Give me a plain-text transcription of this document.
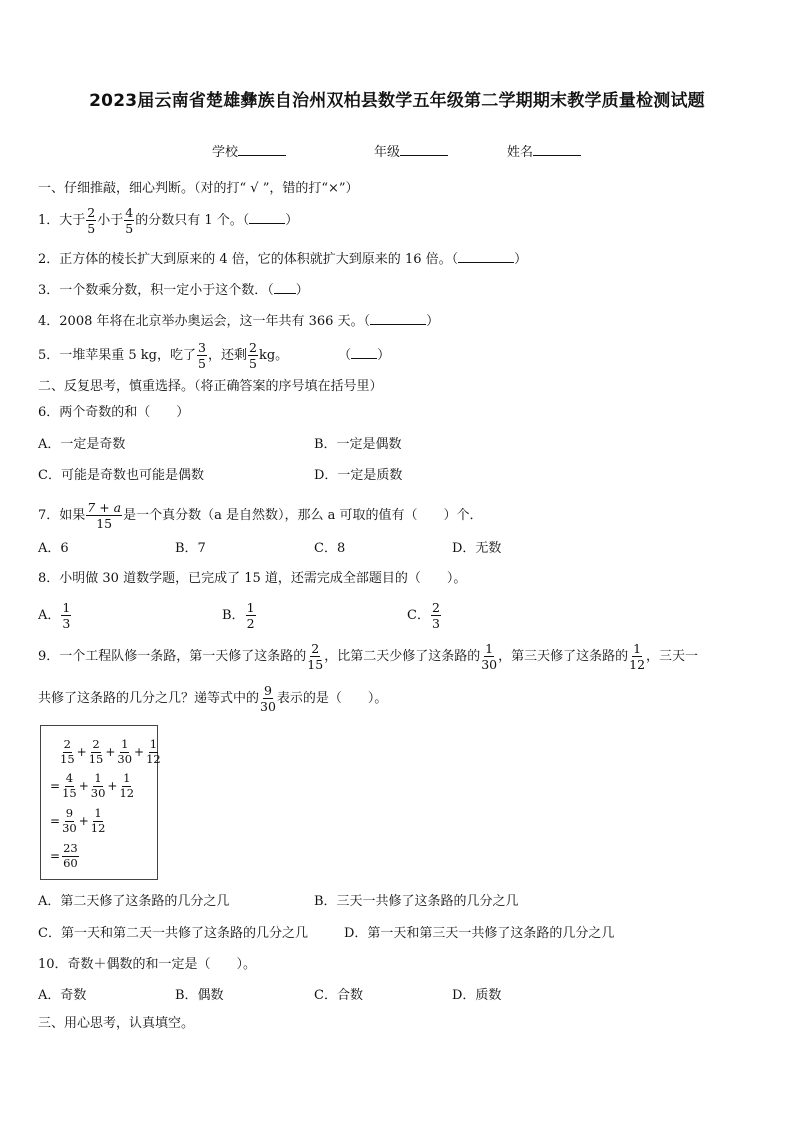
2023届云南省楚雄彝族自治州双柏县数学五年级第二学期期末教学质量检测试题
学校	年级	姓名
一、仔细推敲，细心判断。（对的打“ √ ”，错的打“×”）
1．大于 $\frac{2}{5}$ 小于 $\frac{4}{5}$ 的分数只有 1 个。（	）
2．正方体的棱长扩大到原来的 4 倍，它的体积就扩大到原来的 16 倍。（	）
3．一个数乘分数，积一定小于这个数．（ ）
4．2008 年将在北京举办奥运会，这一年共有 366 天。（	）
5．一堆苹果重 5 kg，吃了 $\frac{3}{5}$ ，还剩 $\frac{2}{5}$ kg。	（ ）
二、反复思考，慎重选择。（将正确答案的序号填在括号里）
6．两个奇数的和（　　）
A．一定是奇数	B．一定是偶数
C．可能是奇数也可能是偶数	D．一定是质数
7．如果 $\frac{7 + a}{15}$ 是一个真分数（a 是自然数），那么 a 可取的值有（　　）个．
A．6	B．7	C．8	D．无数
8．小明做 30 道数学题，已完成了 15 道，还需完成全部题目的（　　）。
A． $\frac{1}{3}$	B． $\frac{1}{2}$	C． $\frac{2}{3}$
9．一个工程队修一条路，第一天修了这条路的 $\frac{2}{15}$ ，比第二天少修了这条路的 $\frac{1}{30}$ ，第三天修了这条路的 $\frac{1}{12}$ ，三天一
共修了这条路的几分之几？递等式中的 $\frac{9}{30}$ 表示的是（　　）。
$\frac{2}{15} + \frac{2}{15} + \frac{1}{30} + \frac{1}{12}$
= $\frac{4}{15} + \frac{1}{30} + \frac{1}{12}$
= $\frac{9}{30} + \frac{1}{12}$
= $\frac{23}{60}$
A．第二天修了这条路的几分之几	B．三天一共修了这条路的几分之几
C．第一天和第二天一共修了这条路的几分之几	D．第一天和第三天一共修了这条路的几分之几
10．奇数＋偶数的和一定是（　　）。
A．奇数	B．偶数	C．合数	D．质数
三、用心思考，认真填空。
